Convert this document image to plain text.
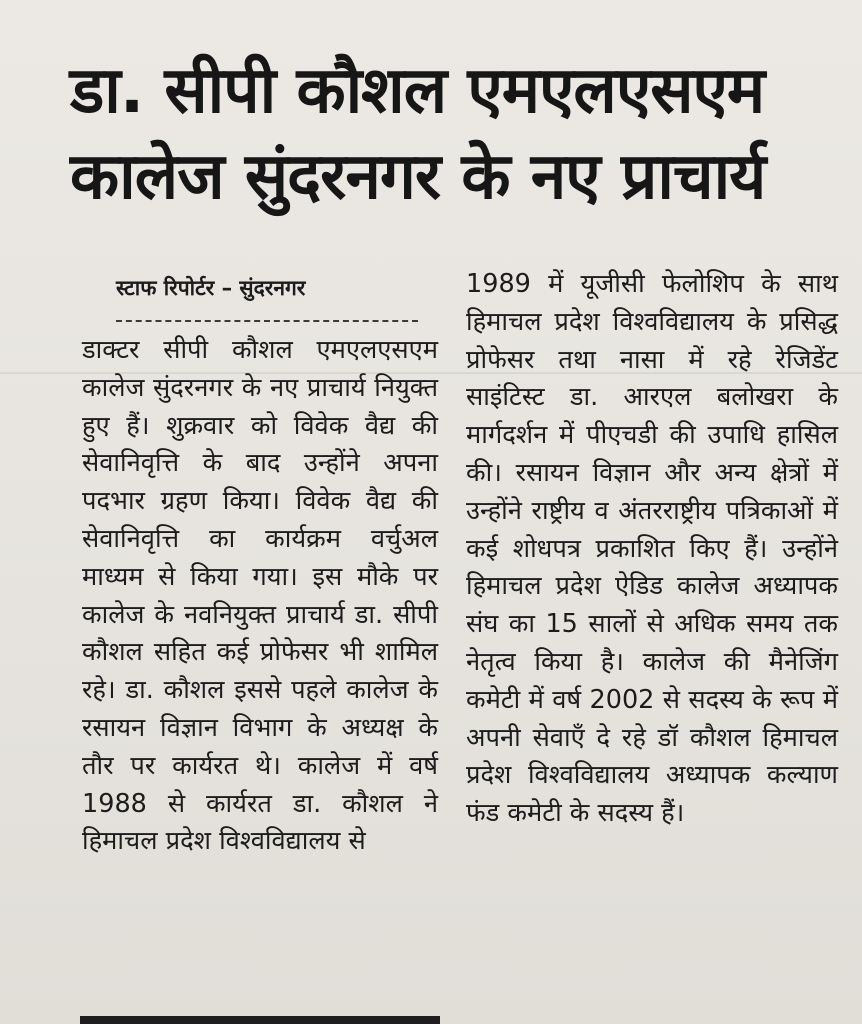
डा. सीपी कौशल एमएलएसएम
कालेज सुंदरनगर के नए प्राचार्य
स्टाफ रिपोर्टर – सुंदरनगर
डाक्टर सीपी कौशल एमएलएसएम कालेज सुंदरनगर के नए प्राचार्य नियुक्त हुए हैं। शुक्रवार को विवेक वैद्य की सेवानिवृत्ति के बाद उन्होंने अपना पदभार ग्रहण किया। विवेक वैद्य की सेवानिवृत्ति का कार्यक्रम वर्चुअल माध्यम से किया गया। इस मौके पर कालेज के नवनियुक्त प्राचार्य डा. सीपी कौशल सहित कई प्रोफेसर भी शामिल रहे। डा. कौशल इससे पहले कालेज के रसायन विज्ञान विभाग के अध्यक्ष के तौर पर कार्यरत थे। कालेज में वर्ष 1988 से कार्यरत डा. कौशल ने हिमाचल प्रदेश विश्वविद्यालय से
1989 में यूजीसी फेलोशिप के साथ हिमाचल प्रदेश विश्वविद्यालय के प्रसिद्ध प्रोफेसर तथा नासा में रहे रेजिडेंट साइंटिस्ट डा. आरएल बलोखरा के मार्गदर्शन में पीएचडी की उपाधि हासिल की। रसायन विज्ञान और अन्य क्षेत्रों में उन्होंने राष्ट्रीय व अंतरराष्ट्रीय पत्रिकाओं में कई शोधपत्र प्रकाशित किए हैं। उन्होंने हिमाचल प्रदेश ऐडिड कालेज अध्यापक संघ का 15 सालों से अधिक समय तक नेतृत्व किया है। कालेज की मैनेजिंग कमेटी में वर्ष 2002 से सदस्य के रूप में अपनी सेवाएँ दे रहे डॉ कौशल हिमाचल प्रदेश विश्वविद्यालय अध्यापक कल्याण फंड कमेटी के सदस्य हैं।
